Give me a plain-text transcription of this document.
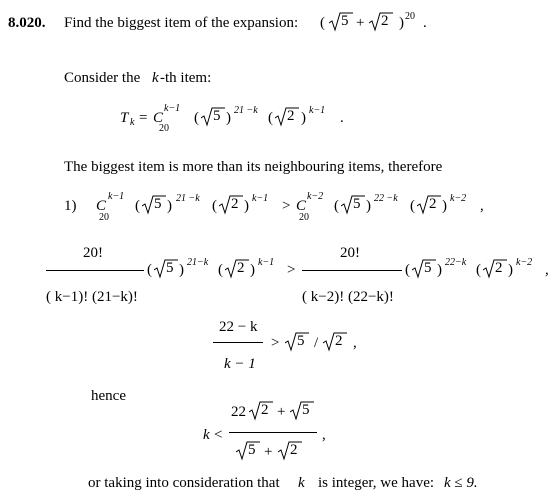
8.020. Find the biggest item of the expansion: ( 5 + 2 ) 20 .
Consider the k -th item:
T k = C
k−1
20
( 5 ) 21 −k ( 2 ) k−1 .
The biggest item is more than its neighbouring items, therefore
1) C
k−1
20
( 5 ) 21 −k ( 2 ) k−1 > C
k−2
20
( 5 ) 22 −k ( 2 ) k−2 ,
20!
( k−1)! (21−k)!
( 5 ) 21−k ( 2 ) k−1 >
20!
( k−2)! (22−k)!
( 5 ) 22−k ( 2 ) k−2 ,
22 − k
k − 1
> 5 / 2 ,
hence
k <
22 2 + 5
5 + 2
,
or taking into consideration that k is integer, we have: k ≤ 9.
